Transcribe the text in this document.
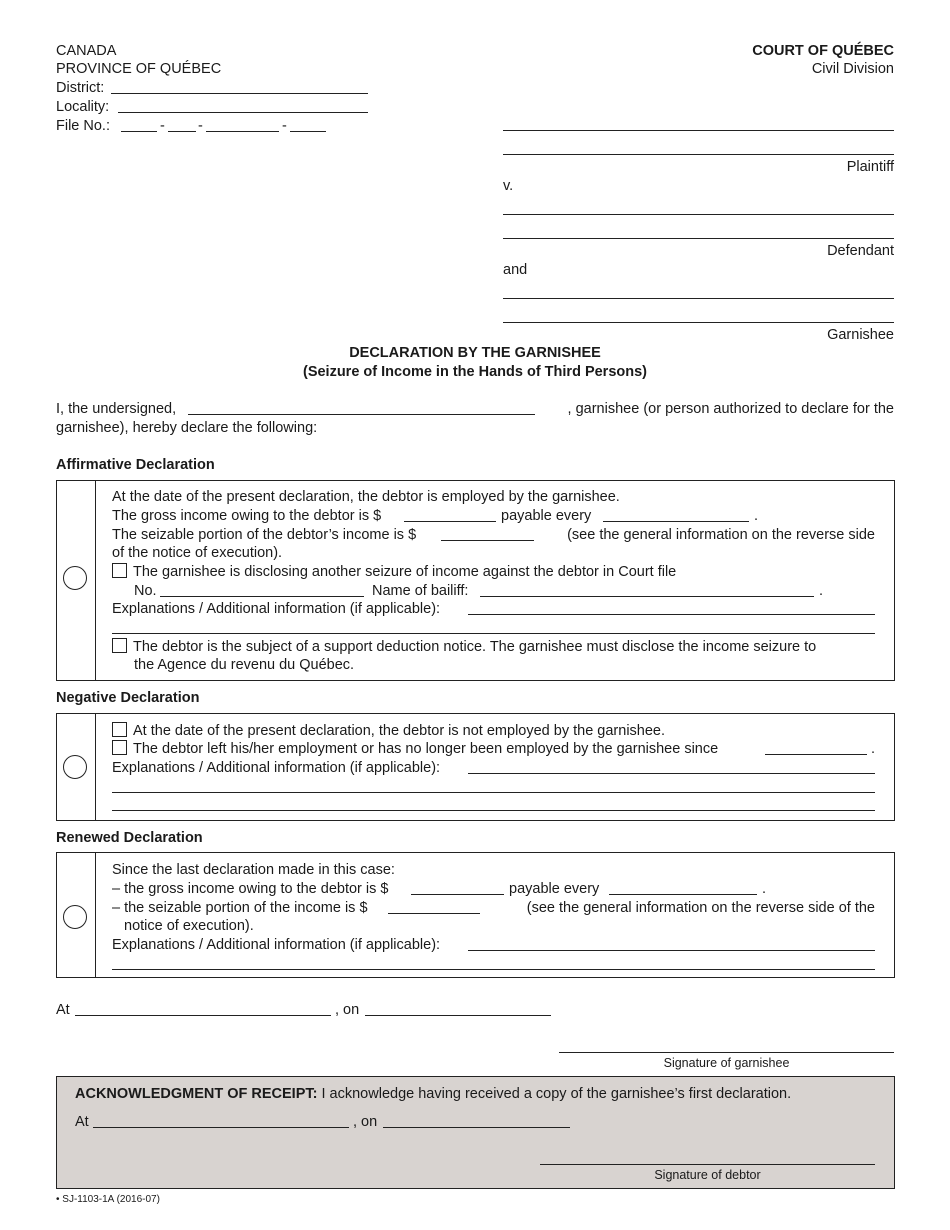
CANADA
PROVINCE OF QUÉBEC
District:
Locality:
File No.:	- -	-
COURT OF QUÉBEC
Civil Division
Plaintiff
v.
Defendant
and
Garnishee
DECLARATION BY THE GARNISHEE
(Seizure of Income in the Hands of Third Persons)
I, the undersigned,	, garnishee (or person authorized to declare for the
garnishee), hereby declare the following:
Affirmative Declaration
At the date of the present declaration, the debtor is employed by the garnishee.
The gross income owing to the debtor is $	payable every	.
The seizable portion of the debtor’s income is $	(see the general information on the reverse side
of the notice of execution).
The garnishee is disclosing another seizure of income against the debtor in Court file
No.	Name of bailiff:	.
Explanations / Additional information (if applicable):
The debtor is the subject of a support deduction notice. The garnishee must disclose the income seizure to
the Agence du revenu du Québec.
Negative Declaration
At the date of the present declaration, the debtor is not employed by the garnishee.
The debtor left his/her employment or has no longer been employed by the garnishee since	.
Explanations / Additional information (if applicable):
Renewed Declaration
Since the last declaration made in this case:
– the gross income owing to the debtor is $	payable every	.
– the seizable portion of the income is $	(see the general information on the reverse side of the
notice of execution).
Explanations / Additional information (if applicable):
At	, on
Signature of garnishee
ACKNOWLEDGMENT OF RECEIPT: I acknowledge having received a copy of the garnishee’s first declaration.
At	, on
Signature of debtor
• SJ-1103-1A (2016-07)
